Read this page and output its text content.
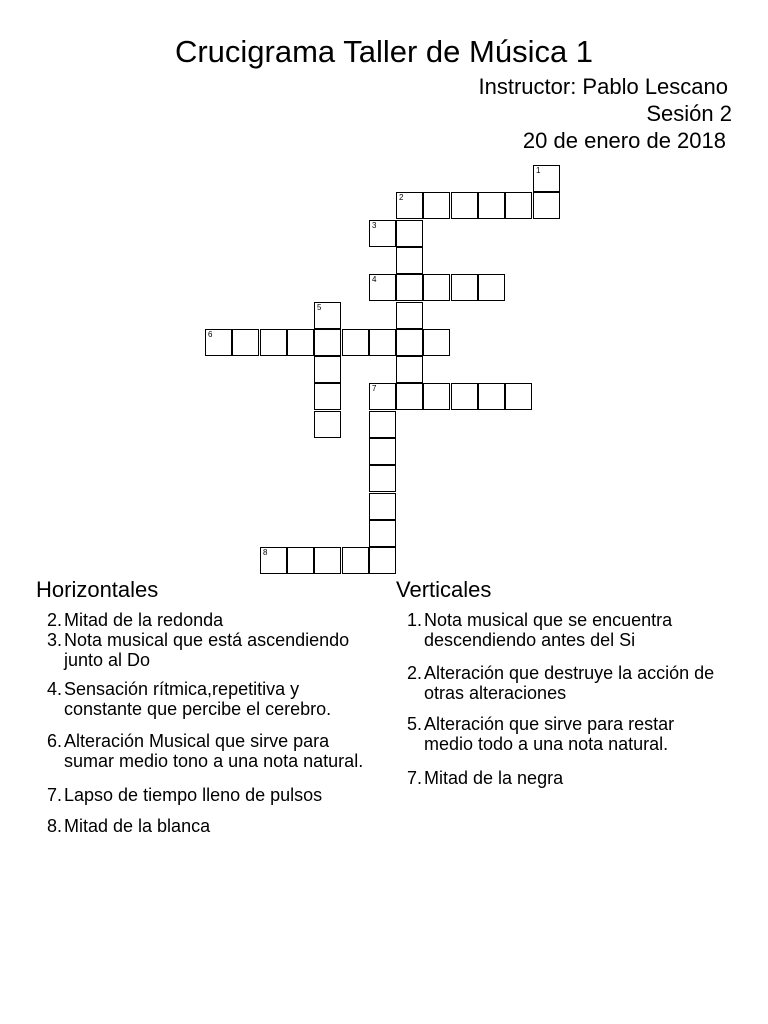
Crucigrama Taller de Música 1
Instructor: Pablo Lescano
Sesión 2
20 de enero de 2018
1
2
3
4
5
6
7
8
Horizontales
2. Mitad de la redonda
3. Nota musical que está ascendiendo junto al Do
4. Sensación rítmica,repetitiva y constante que percibe el cerebro.
6. Alteración Musical que sirve para sumar medio tono a una nota natural.
7. Lapso de tiempo lleno de pulsos
8. Mitad de la blanca
Verticales
1. Nota musical que se encuentra descendiendo antes del Si
2. Alteración que destruye la acción de otras alteraciones
5. Alteración que sirve para restar medio todo a una nota natural.
7. Mitad de la negra
